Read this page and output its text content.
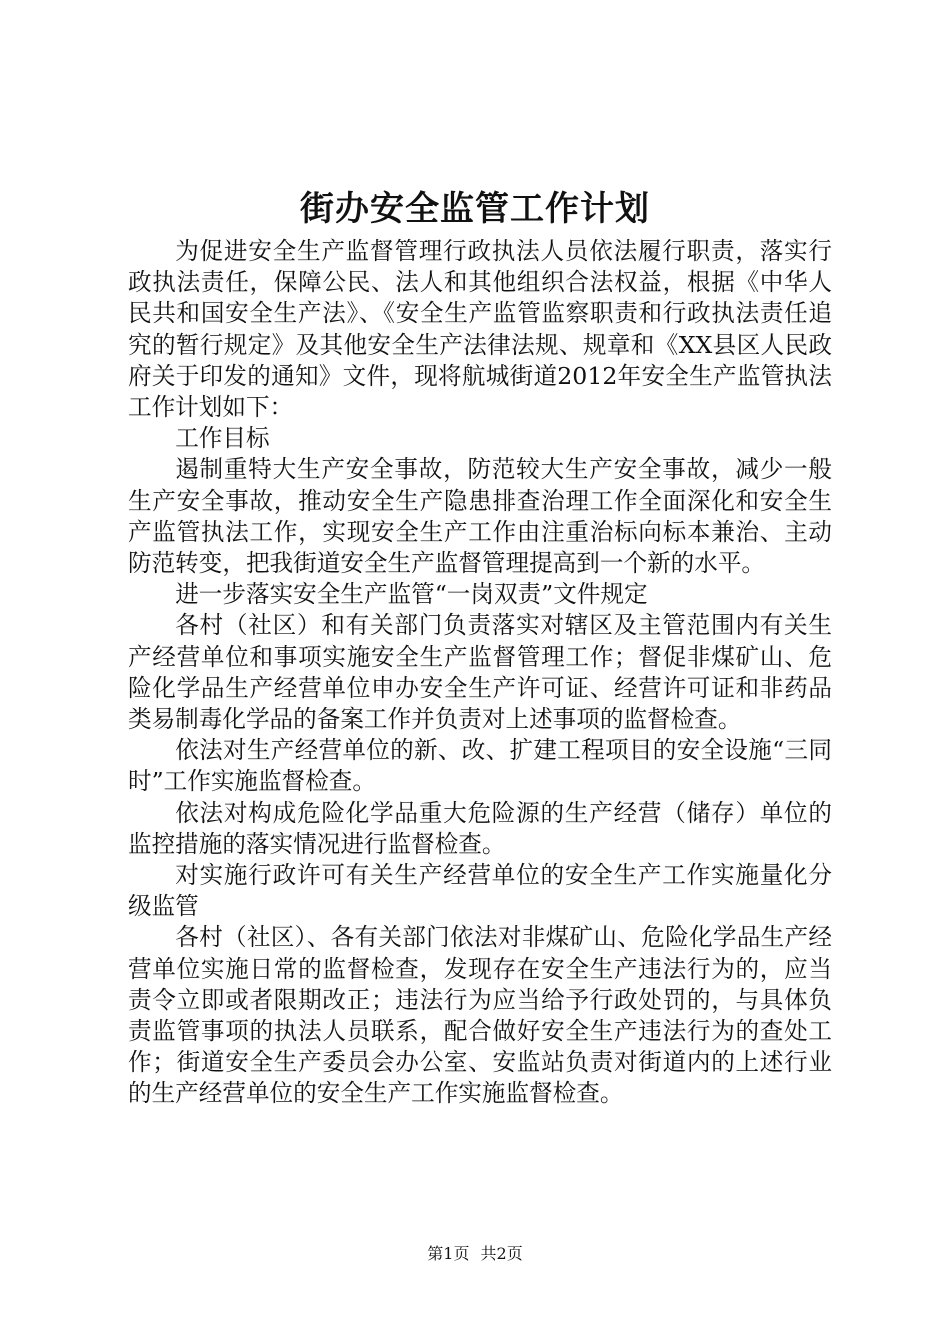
街办安全监管工作计划

为促进安全生产监督管理行政执法人员依法履行职责，落实行政执法责任，保障公民、法人和其他组织合法权益，根据《中华人民共和国安全生产法》、《安全生产监管监察职责和行政执法责任追究的暂行规定》及其他安全生产法律法规、规章和《XX县区人民政府关于印发的通知》文件，现将航城街道2012年安全生产监管执法工作计划如下：

工作目标

遏制重特大生产安全事故，防范较大生产安全事故，减少一般生产安全事故，推动安全生产隐患排查治理工作全面深化和安全生产监管执法工作，实现安全生产工作由注重治标向标本兼治、主动防范转变，把我街道安全生产监督管理提高到一个新的水平。

进一步落实安全生产监管“一岗双责”文件规定

各村（社区）和有关部门负责落实对辖区及主管范围内有关生产经营单位和事项实施安全生产监督管理工作；督促非煤矿山、危险化学品生产经营单位申办安全生产许可证、经营许可证和非药品类易制毒化学品的备案工作并负责对上述事项的监督检查。

依法对生产经营单位的新、改、扩建工程项目的安全设施“三同时”工作实施监督检查。

依法对构成危险化学品重大危险源的生产经营（储存）单位的监控措施的落实情况进行监督检查。

对实施行政许可有关生产经营单位的安全生产工作实施量化分级监管

各村（社区）、各有关部门依法对非煤矿山、危险化学品生产经营单位实施日常的监督检查，发现存在安全生产违法行为的，应当责令立即或者限期改正；违法行为应当给予行政处罚的，与具体负责监管事项的执法人员联系，配合做好安全生产违法行为的查处工作；街道安全生产委员会办公室、安监站负责对街道内的上述行业的生产经营单位的安全生产工作实施监督检查。

第1页 共2页
